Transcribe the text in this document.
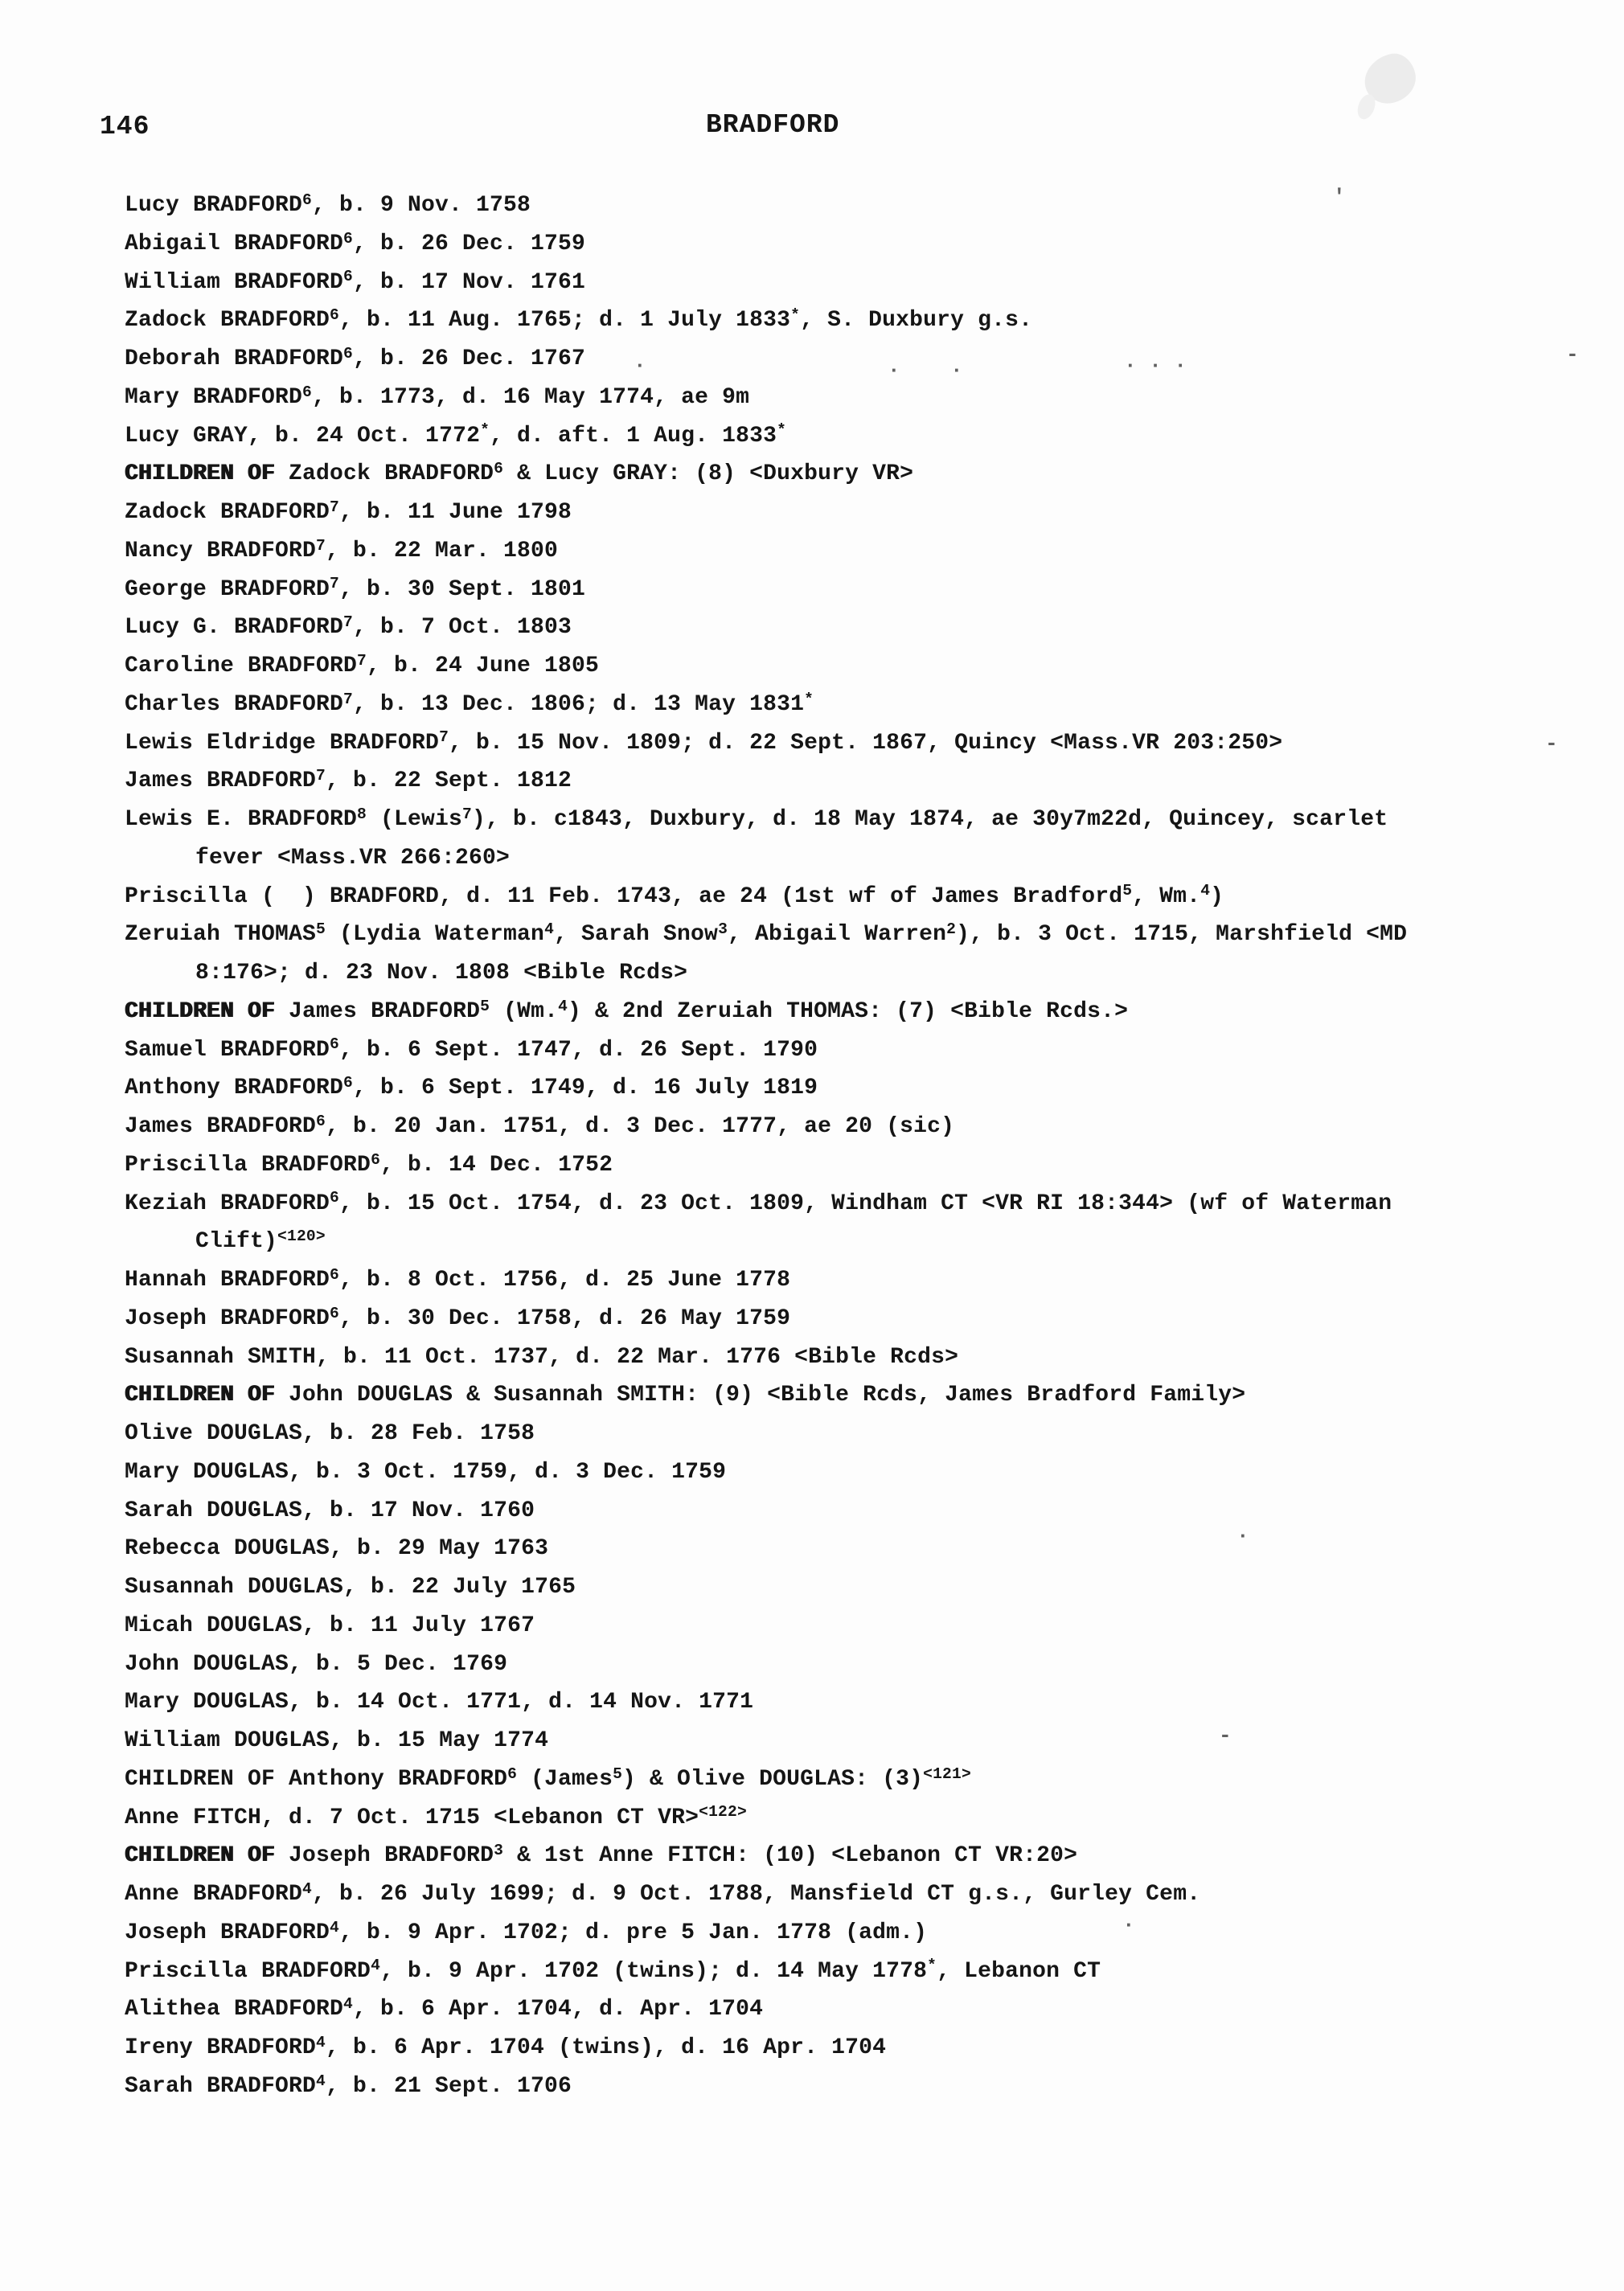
146	BRADFORD
Lucy BRADFORD$^6$, b. 9 Nov. 1758
Abigail BRADFORD$^6$, b. 26 Dec. 1759
William BRADFORD$^6$, b. 17 Nov. 1761
Zadock BRADFORD$^6$, b. 11 Aug. 1765; d. 1 July 1833*, S. Duxbury g.s.
Deborah BRADFORD$^6$, b. 26 Dec. 1767
Mary BRADFORD$^6$, b. 1773, d. 16 May 1774, ae 9m
Lucy GRAY, b. 24 Oct. 1772*, d. aft. 1 Aug. 1833*
CHILDREN OF Zadock BRADFORD$^6$ & Lucy GRAY: (8) <Duxbury VR>
Zadock BRADFORD$^7$, b. 11 June 1798
Nancy BRADFORD$^7$, b. 22 Mar. 1800
George BRADFORD$^7$, b. 30 Sept. 1801
Lucy G. BRADFORD$^7$, b. 7 Oct. 1803
Caroline BRADFORD$^7$, b. 24 June 1805
Charles BRADFORD$^7$, b. 13 Dec. 1806; d. 13 May 1831*
Lewis Eldridge BRADFORD$^7$, b. 15 Nov. 1809; d. 22 Sept. 1867, Quincy <Mass.VR 203:250>
James BRADFORD$^7$, b. 22 Sept. 1812
Lewis E. BRADFORD$^8$ (Lewis$^7$), b. c1843, Duxbury, d. 18 May 1874, ae 30y7m22d, Quincey, scarlet
fever <Mass.VR 266:260>
Priscilla (  ) BRADFORD, d. 11 Feb. 1743, ae 24 (1st wf of James Bradford$^5$, Wm.$^4$)
Zeruiah THOMAS$^5$ (Lydia Waterman$^4$, Sarah Snow$^3$, Abigail Warren$^2$), b. 3 Oct. 1715, Marshfield <MD
8:176>; d. 23 Nov. 1808 <Bible Rcds>
CHILDREN OF James BRADFORD$^5$ (Wm.$^4$) & 2nd Zeruiah THOMAS: (7) <Bible Rcds.>
Samuel BRADFORD$^6$, b. 6 Sept. 1747, d. 26 Sept. 1790
Anthony BRADFORD$^6$, b. 6 Sept. 1749, d. 16 July 1819
James BRADFORD$^6$, b. 20 Jan. 1751, d. 3 Dec. 1777, ae 20 (sic)
Priscilla BRADFORD$^6$, b. 14 Dec. 1752
Keziah BRADFORD$^6$, b. 15 Oct. 1754, d. 23 Oct. 1809, Windham CT <VR RI 18:344> (wf of Waterman
Clift)$^{<120>}$
Hannah BRADFORD$^6$, b. 8 Oct. 1756, d. 25 June 1778
Joseph BRADFORD$^6$, b. 30 Dec. 1758, d. 26 May 1759
Susannah SMITH, b. 11 Oct. 1737, d. 22 Mar. 1776 <Bible Rcds>
CHILDREN OF John DOUGLAS & Susannah SMITH: (9) <Bible Rcds, James Bradford Family>
Olive DOUGLAS, b. 28 Feb. 1758
Mary DOUGLAS, b. 3 Oct. 1759, d. 3 Dec. 1759
Sarah DOUGLAS, b. 17 Nov. 1760
Rebecca DOUGLAS, b. 29 May 1763
Susannah DOUGLAS, b. 22 July 1765
Micah DOUGLAS, b. 11 July 1767
John DOUGLAS, b. 5 Dec. 1769
Mary DOUGLAS, b. 14 Oct. 1771, d. 14 Nov. 1771
William DOUGLAS, b. 15 May 1774
CHILDREN OF Anthony BRADFORD$^6$ (James$^5$) & Olive DOUGLAS: $(3)^{<121>}$
Anne FITCH, d. 7 Oct. 1715 <Lebanon CT VR>$^{<122>}$
CHILDREN OF Joseph BRADFORD$^3$ & 1st Anne FITCH: (10) <Lebanon CT VR:20>
Anne BRADFORD$^4$, b. 26 July 1699; d. 9 Oct. 1788, Mansfield CT g.s., Gurley Cem.
Joseph BRADFORD$^4$, b. 9 Apr. 1702; d. pre 5 Jan. 1778 (adm.)
Priscilla BRADFORD$^4$, b. 9 Apr. 1702 (twins); d. 14 May 1778*, Lebanon CT
Alithea BRADFORD$^4$, b. 6 Apr. 1704, d. Apr. 1704
Ireny BRADFORD$^4$, b. 6 Apr. 1704 (twins), d. 16 Apr. 1704
Sarah BRADFORD$^4$, b. 21 Sept. 1706
'
·	· ·	· · ·	-
-
·
-
·
